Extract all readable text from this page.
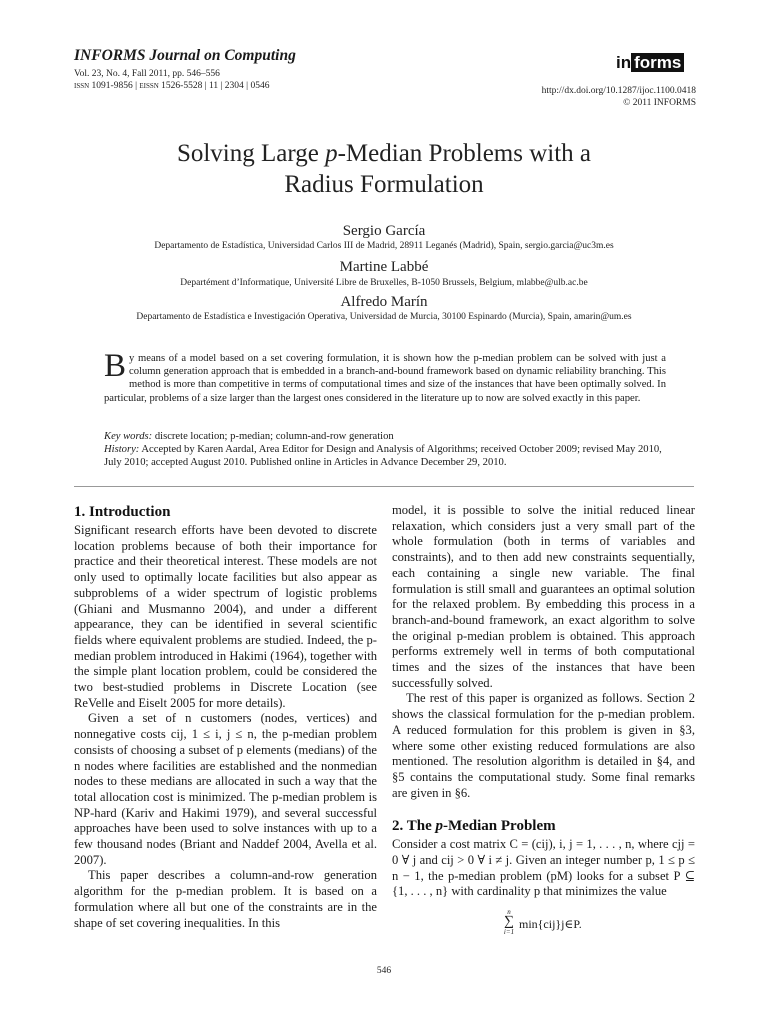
INFORMS Journal on Computing
Vol. 23, No. 4, Fall 2011, pp. 546–556
issn 1091-9856 | eissn 1526-5528 | 11 | 2304 | 0546
in forms
http://dx.doi.org/10.1287/ijoc.1100.0418
© 2011 INFORMS
Solving Large p-Median Problems with a
Radius Formulation
Sergio García
Departamento de Estadística, Universidad Carlos III de Madrid, 28911 Leganés (Madrid), Spain, sergio.garcia@uc3m.es
Martine Labbé
Departément d’Informatique, Université Libre de Bruxelles, B-1050 Brussels, Belgium, mlabbe@ulb.ac.be
Alfredo Marín
Departamento de Estadística e Investigación Operativa, Universidad de Murcia, 30100 Espinardo (Murcia), Spain, amarin@um.es
By means of a model based on a set covering formulation, it is shown how the p-median problem can be solved with just a column generation approach that is embedded in a branch-and-bound framework based on dynamic reliability branching. This method is more than competitive in terms of computational times and size of the instances that have been optimally solved. In particular, problems of a size larger than the largest ones considered in the literature up to now are solved exactly in this paper.
Key words: discrete location; p-median; column-and-row generation
History: Accepted by Karen Aardal, Area Editor for Design and Analysis of Algorithms; received October 2009; revised May 2010, July 2010; accepted August 2010. Published online in Articles in Advance December 29, 2010.
1. Introduction

Significant research efforts have been devoted to discrete location problems because of both their importance for practice and their theoretical interest. These models are not only used to optimally locate facilities but also appear as subproblems of a wider spectrum of logistic problems (Ghiani and Musmanno 2004), and under a different appearance, they can be identified in several scientific fields where equivalent problems are studied. Indeed, the p-median problem introduced in Hakimi (1964), together with the simple plant location problem, could be considered the two best-studied problems in Discrete Location (see ReVelle and Eiselt 2005 for more details).

Given a set of n customers (nodes, vertices) and nonnegative costs cij, 1 ≤ i, j ≤ n, the p-median problem consists of choosing a subset of p elements (medians) of the n nodes where facilities are established and the nonmedian nodes to these medians are allocated in such a way that the total allocation cost is minimized. The p-median problem is NP-hard (Kariv and Hakimi 1979), and several successful approaches have been used to solve instances with up to a few thousand nodes (Briant and Naddef 2004, Avella et al. 2007).

This paper describes a column-and-row generation algorithm for the p-median problem. It is based on a formulation where all but one of the constraints are in the shape of set covering inequalities. In this

model, it is possible to solve the initial reduced linear relaxation, which considers just a very small part of the whole formulation (both in terms of variables and constraints), and to then add new constraints sequentially, each containing a single new variable. The final formulation is still small and guarantees an optimal solution for the relaxed problem. By embedding this process in a branch-and-bound framework, an exact algorithm to solve the original p-median problem is obtained. This approach performs extremely well in terms of both computational times and the sizes of the instances that have been successfully solved.

The rest of this paper is organized as follows. Section 2 shows the classical formulation for the p-median problem. A reduced formulation for this problem is given in §3, where some other existing reduced formulations are also mentioned. The resolution algorithm is detailed in §4, and §5 contains the computational study. Some final remarks are given in §6.

2. The p-Median Problem

Consider a cost matrix C = (cij), i, j = 1, . . . , n, where cjj = 0 ∀ j and cij > 0 ∀ i ≠ j. Given an integer number p, 1 ≤ p ≤ n − 1, the p-median problem (pM) looks for a subset P ⊆ {1, . . . , n} with cardinality p that minimizes the value

n
∑
i=1
min{cij}j∈P.
546
